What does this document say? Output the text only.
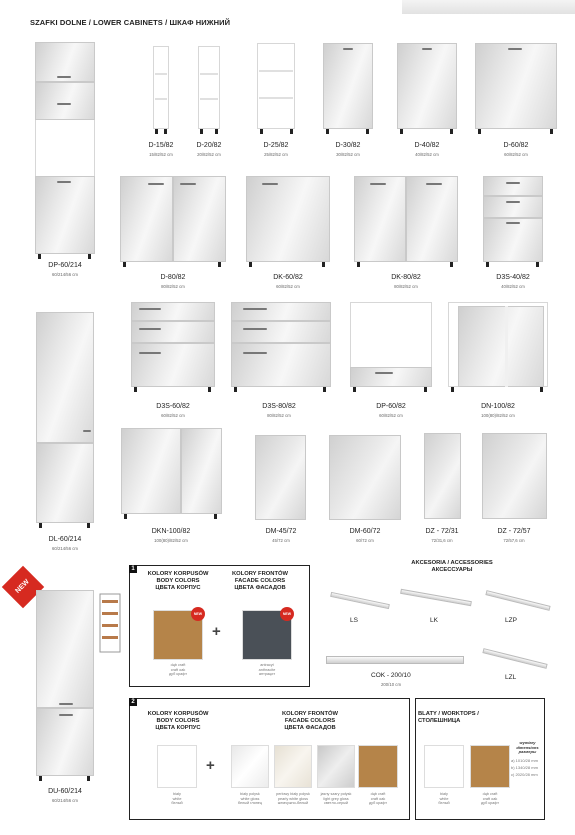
SZAFKI DOLNE / LOWER CABINETS / ШКАФ НИЖНИЙ
D-15/82
15/82/52 cm
D-20/82
20/82/52 cm
D-25/82
25/82/52 cm
D-30/82
30/82/52 cm
D-40/82
40/82/52 cm
D-60/82
60/82/52 cm
DP-60/214
60/214/56 cm	D-80/82
80/82/52 cm
DK-60/82
60/82/52 cm
DK-80/82
80/82/52 cm
D3S-40/82
40/82/52 cm
D3S-60/82
60/82/52 cm
D3S-80/82
80/82/52 cm
DP-60/82
60/82/52 cm
DN-100/82
100(80)/82/52 cm
DL-60/214
60/214/56 cm
DKN-100/82
100(80)/82/52 cm
DM-45/72
45/72 cm
DM-60/72
60/72 cm
DZ - 72/31
72/31,6 cm
DZ - 72/57
72/57,6 cm
NEW
DU-60/214
60/214/56 cm
1
KOLORY KORPUSÓW
BODY COLORS
ЦВЕТА КОРПУС
KOLORY FRONTÓW
FACADE COLORS
ЦВЕТА ФАСАДОВ
NEW
dąb craft
craft oak
дуб крафт
+
NEW
antracyt
anthracite
антрацит
AKCESORIA / ACCESSORIES
АКСЕССУАРЫ
LS	LK	LZP
COK - 200/10
200/10 cm
LZL
2
KOLORY KORPUSÓW
BODY COLORS
ЦВЕТА КОРПУС
KOLORY FRONTÓW
FACADE COLORS
ЦВЕТА ФАСАДОВ
biały
white
белый
+
biały połysk
white gloss
белый глянец
perłowy biały połysk
pearly white gloss
жемчужно-белый
jasny szary połysk
light grey gloss
светло-серый
dąb craft
craft oak
дуб крафт
BLATY / WORKTOPS /
СТОЛЕШНИЦА
biały
white
белый
dąb craft
craft oak
дуб крафт
wymiary
dimensions
размеры
a) 1010/28 mm
b) 1340/28 mm
c) 2020/28 mm
